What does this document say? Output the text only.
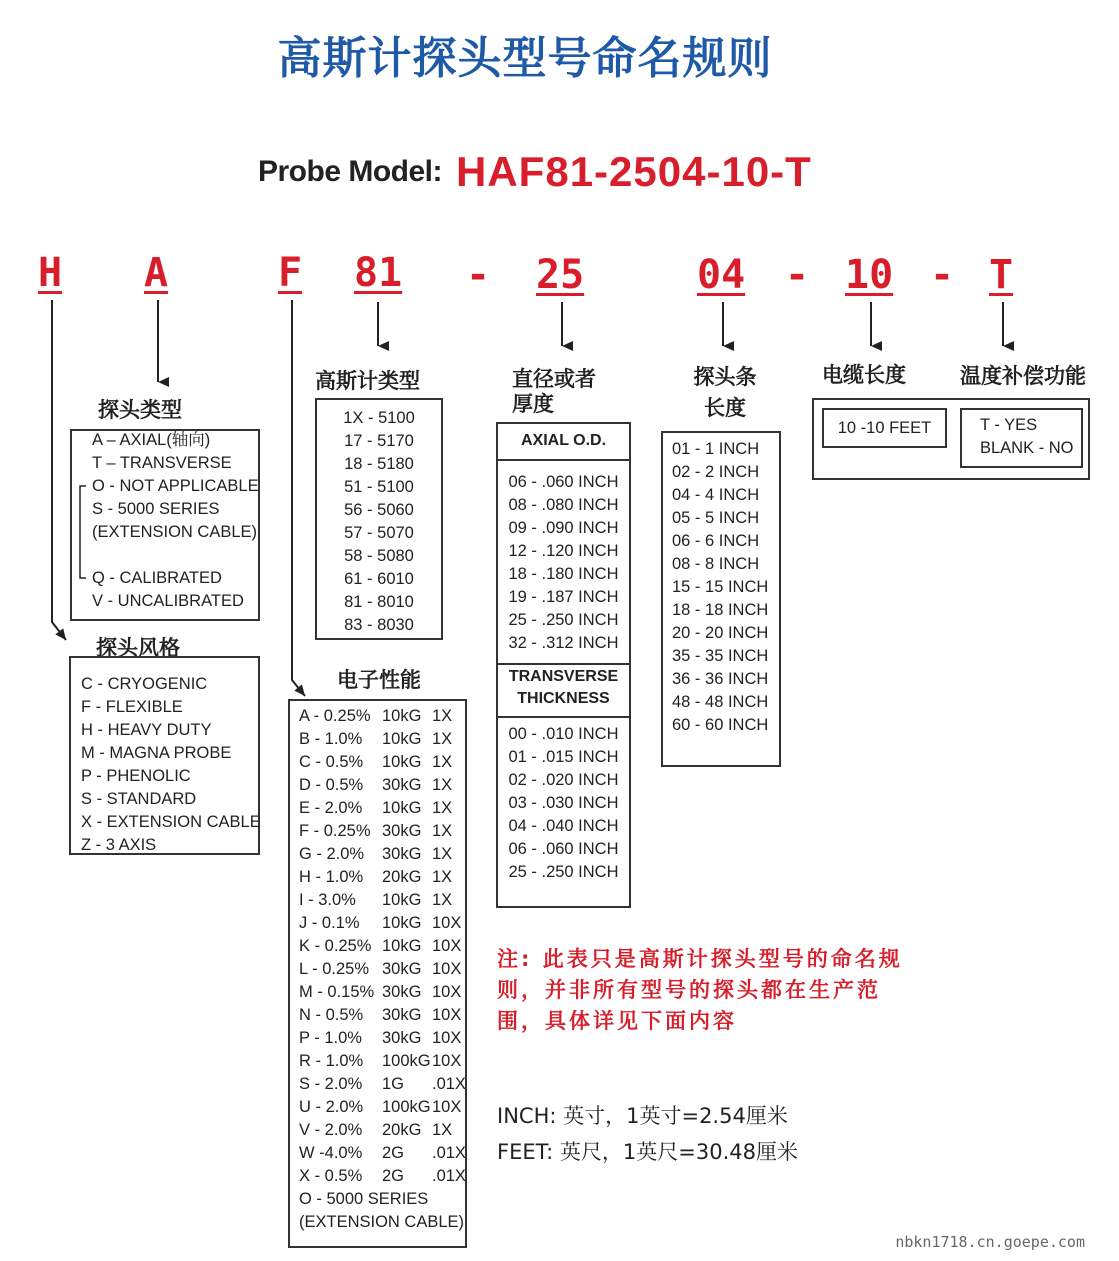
高斯计探头型号命名规则
Probe Model: HAF81-2504-10-T
H A	F 81 - 25	04 - 10 - T
探头类型
A – AXIAL(轴向)
T – TRANSVERSE
O - NOT APPLICABLE
S - 5000 SERIES
(EXTENSION CABLE)
Q - CALIBRATED
V - UNCALIBRATED
探头风格
C - CRYOGENIC
F - FLEXIBLE
H - HEAVY DUTY
M - MAGNA PROBE
P - PHENOLIC
S - STANDARD
X - EXTENSION CABLE
Z - 3 AXIS
高斯计类型
1X - 5100
17 - 5170
18 - 5180
51 - 5100
56 - 5060
57 - 5070
58 - 5080
61 - 6010
81 - 8010
83 - 8030
电子性能
A - 0.25% 10kG 1X
B - 1.0%	10kG 1X
C - 0.5%	10kG 1X
D - 0.5%	30kG 1X
E - 2.0%	10kG 1X
F - 0.25% 30kG 1X
G - 2.0%	30kG 1X
H - 1.0%	20kG 1X
I - 3.0%	10kG 1X
J - 0.1%	10kG 10X
K - 0.25% 10kG 10X
L - 0.25% 30kG 10X
M - 0.15% 30kG 10X
N - 0.5%	30kG 10X
P - 1.0%	30kG 10X
R - 1.0%	100kG 10X
S - 2.0%	1G	.01X
U - 2.0%	100kG 10X
V - 2.0%	20kG 1X
W -4.0%	2G	.01X
X - 0.5%	2G	.01X
O - 5000 SERIES
(EXTENSION CABLE)
直径或者
厚度
AXIAL O.D.
06 - .060 INCH
08 - .080 INCH
09 - .090 INCH
12 - .120 INCH
18 - .180 INCH
19 - .187 INCH
25 - .250 INCH
32 - .312 INCH
TRANSVERSE
THICKNESS
00 - .010 INCH
01 - .015 INCH
02 - .020 INCH
03 - .030 INCH
04 - .040 INCH
06 - .060 INCH
25 - .250 INCH
探头条
长度
01 - 1 INCH
02 - 2 INCH
04 - 4 INCH
05 - 5 INCH
06 - 6 INCH
08 - 8 INCH
15 - 15 INCH
18 - 18 INCH
20 - 20 INCH
35 - 35 INCH
36 - 36 INCH
48 - 48 INCH
60 - 60 INCH
电缆长度	温度补偿功能
10 -10 FEET	T - YES
BLANK - NO
注: 此表只是高斯计探头型号的命名规则，并非所有型号的探头都在生产范围，具体详见下面内容
INCH: 英寸，1英寸=2.54厘米
FEET: 英尺，1英尺=30.48厘米
nbkn1718.cn.goepe.com
